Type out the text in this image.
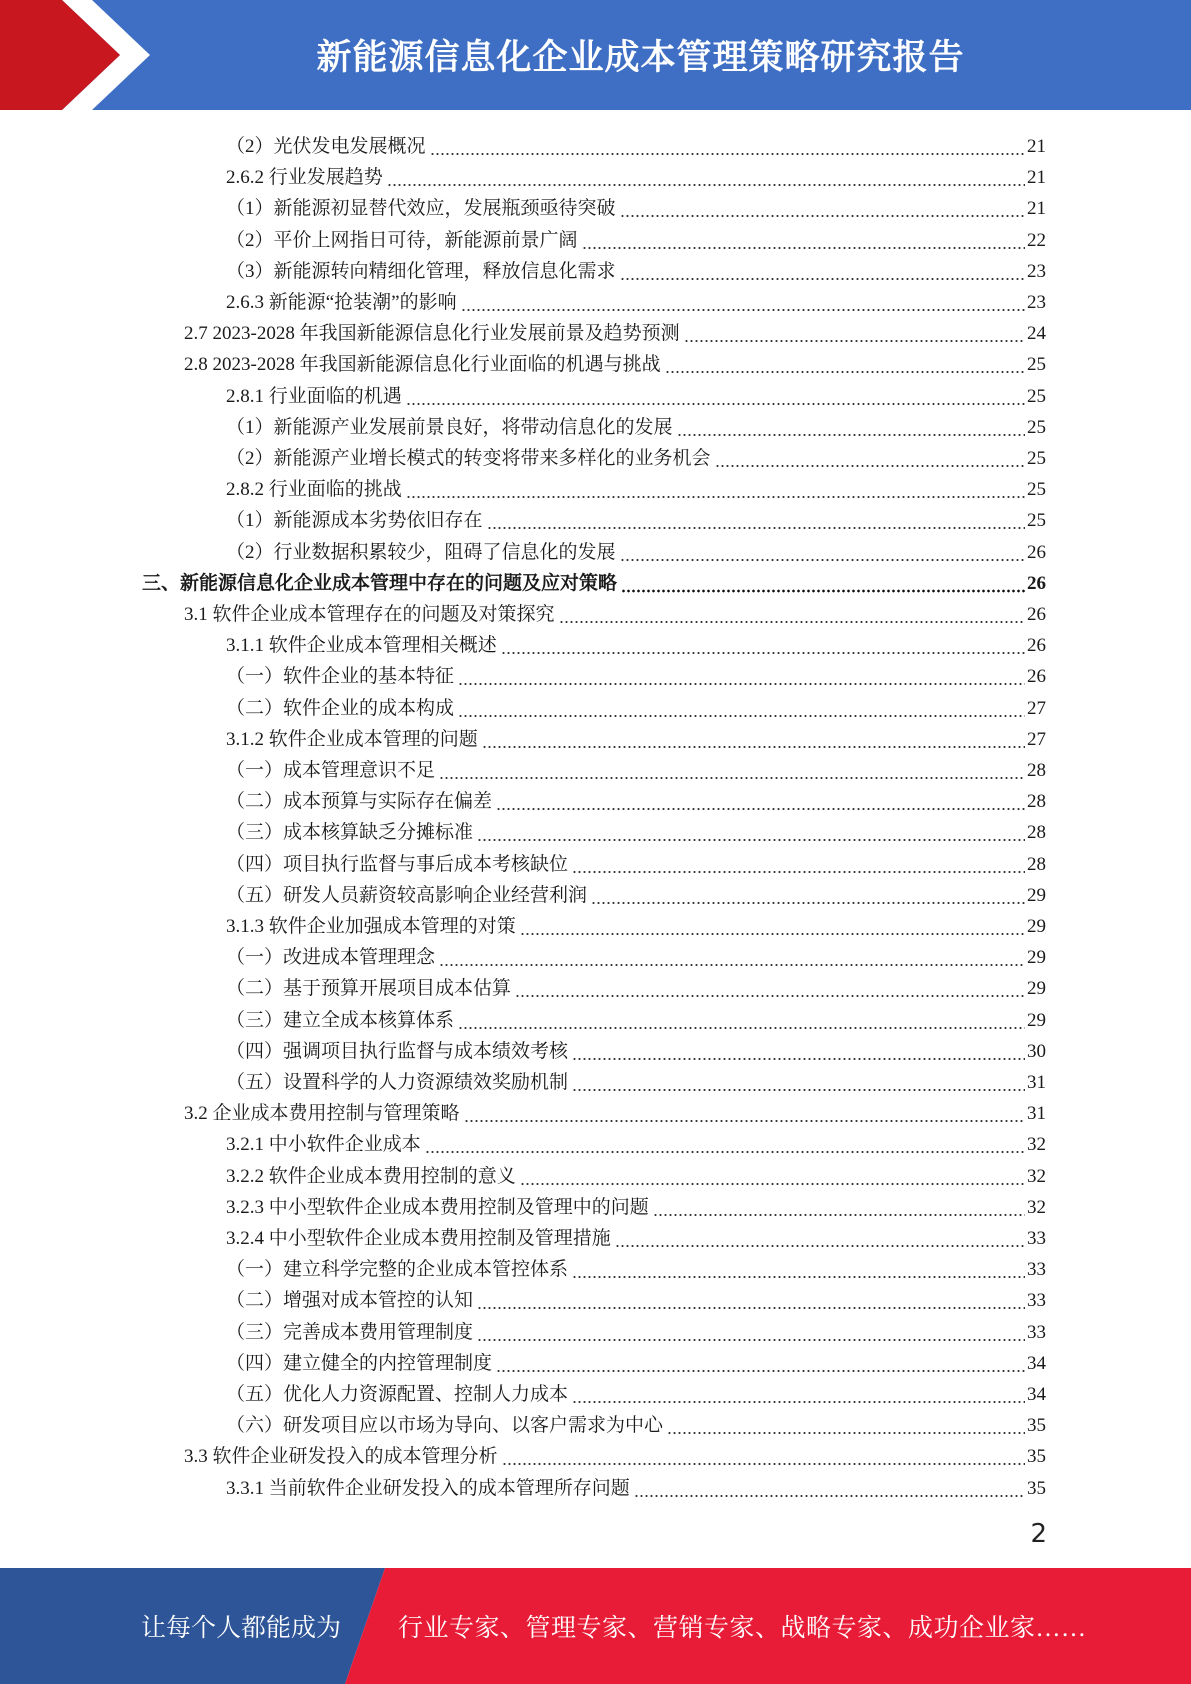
新能源信息化企业成本管理策略研究报告
（2）光伏发电发展概况	21
2.6.2 行业发展趋势	21
（1）新能源初显替代效应，发展瓶颈亟待突破	21
（2）平价上网指日可待，新能源前景广阔	22
（3）新能源转向精细化管理，释放信息化需求	23
2.6.3 新能源“抢装潮”的影响	23
2.7 2023-2028 年我国新能源信息化行业发展前景及趋势预测	24
2.8 2023-2028 年我国新能源信息化行业面临的机遇与挑战	25
2.8.1 行业面临的机遇	25
（1）新能源产业发展前景良好，将带动信息化的发展	25
（2）新能源产业增长模式的转变将带来多样化的业务机会	25
2.8.2 行业面临的挑战	25
（1）新能源成本劣势依旧存在	25
（2）行业数据积累较少，阻碍了信息化的发展	26
三、新能源信息化企业成本管理中存在的问题及应对策略	26
3.1 软件企业成本管理存在的问题及对策探究	26
3.1.1 软件企业成本管理相关概述	26
（一）软件企业的基本特征	26
（二）软件企业的成本构成	27
3.1.2 软件企业成本管理的问题	27
（一）成本管理意识不足	28
（二）成本预算与实际存在偏差	28
（三）成本核算缺乏分摊标准	28
（四）项目执行监督与事后成本考核缺位	28
（五）研发人员薪资较高影响企业经营利润	29
3.1.3 软件企业加强成本管理的对策	29
（一）改进成本管理理念	29
（二）基于预算开展项目成本估算	29
（三）建立全成本核算体系	29
（四）强调项目执行监督与成本绩效考核	30
（五）设置科学的人力资源绩效奖励机制	31
3.2 企业成本费用控制与管理策略	31
3.2.1 中小软件企业成本	32
3.2.2 软件企业成本费用控制的意义	32
3.2.3 中小型软件企业成本费用控制及管理中的问题	32
3.2.4 中小型软件企业成本费用控制及管理措施	33
（一）建立科学完整的企业成本管控体系	33
（二）增强对成本管控的认知	33
（三）完善成本费用管理制度	33
（四）建立健全的内控管理制度	34
（五）优化人力资源配置、控制人力成本	34
（六）研发项目应以市场为导向、以客户需求为中心	35
3.3 软件企业研发投入的成本管理分析	35
3.3.1 当前软件企业研发投入的成本管理所存问题	35
2
让每个人都能成为 行业专家、管理专家、营销专家、战略专家、成功企业家……
